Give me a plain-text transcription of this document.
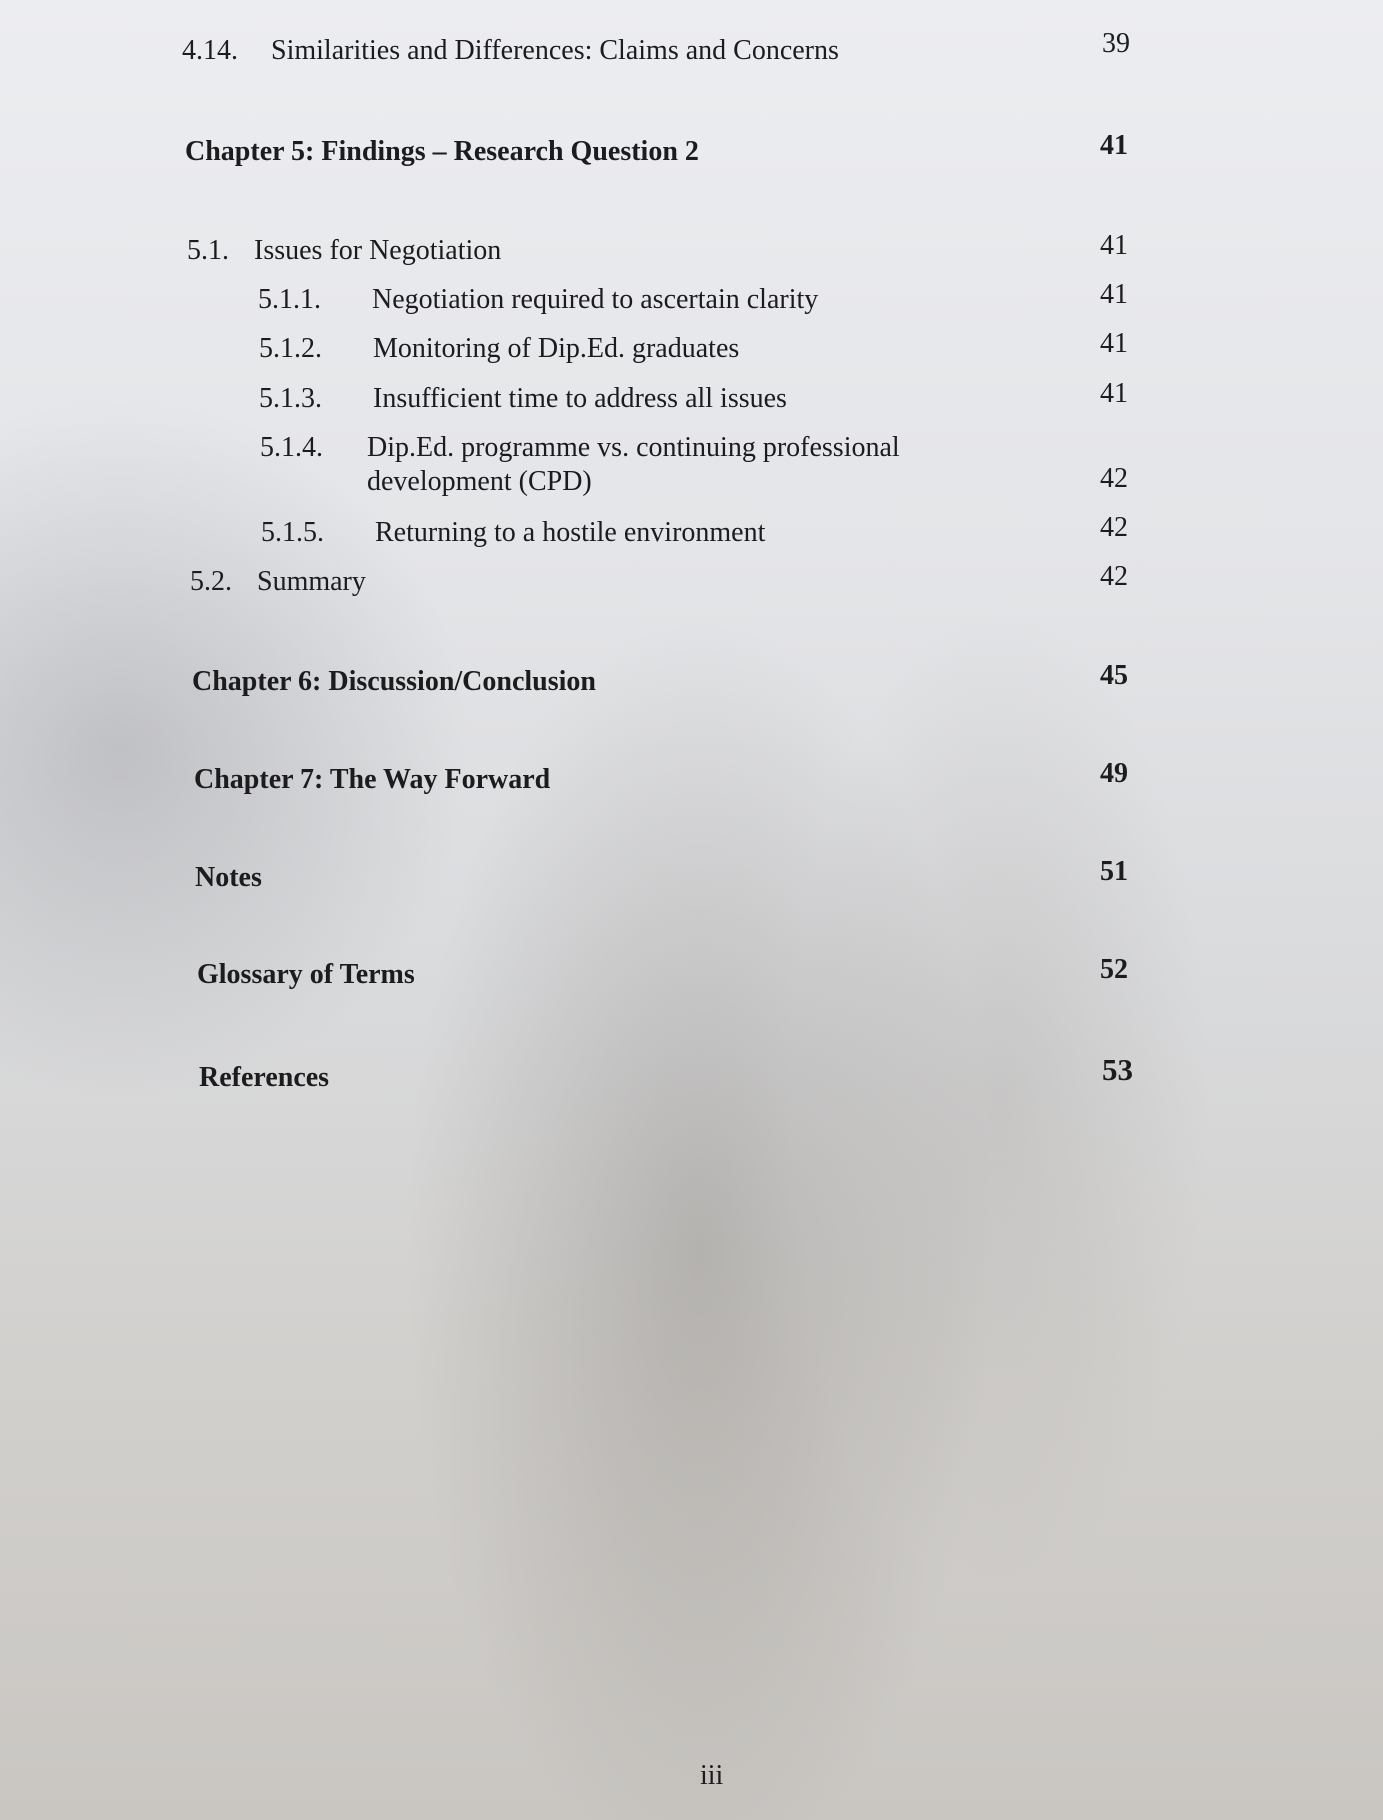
4.14. Similarities and Differences: Claims and Concerns	39
Chapter 5: Findings – Research Question 2	41
5.1. Issues for Negotiation	41
5.1.1. Negotiation required to ascertain clarity	41
5.1.2. Monitoring of Dip.Ed. graduates	41
5.1.3. Insufficient time to address all issues	41
5.1.4.	Dip.Ed. programme vs. continuing professional development (CPD)	42
5.1.5. Returning to a hostile environment	42
5.2. Summary	42
Chapter 6: Discussion/Conclusion	45
Chapter 7: The Way Forward	49
Notes	51
Glossary of Terms	52
References	53
iii
